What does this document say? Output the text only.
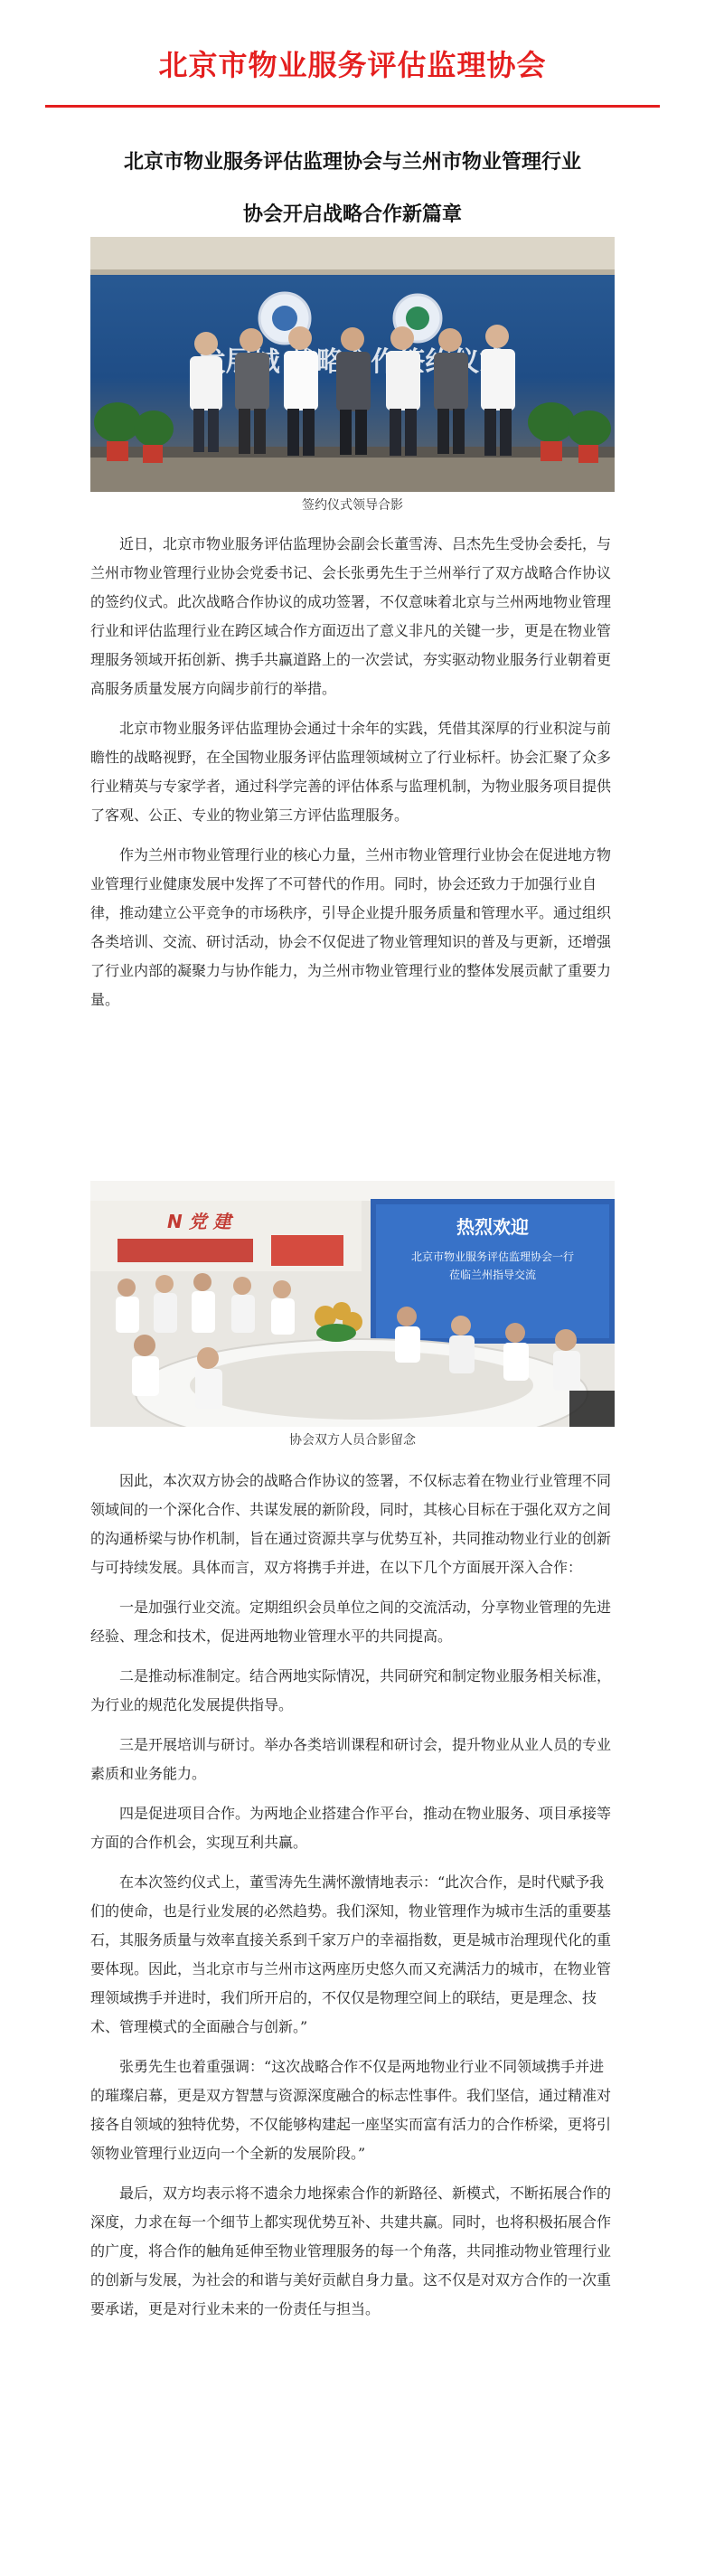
北京市物业服务评估监理协会
北京市物业服务评估监理协会与兰州市物业管理行业
协会开启战略合作新篇章
签约仪式领导合影

近日，北京市物业服务评估监理协会副会长董雪涛、吕杰先生受协会委托，与兰州市物业管理行业协会党委书记、会长张勇先生于兰州举行了双方战略合作协议的签约仪式。此次战略合作协议的成功签署，不仅意味着北京与兰州两地物业管理行业和评估监理行业在跨区域合作方面迈出了意义非凡的关键一步，更是在物业管理服务领域开拓创新、携手共赢道路上的一次尝试，夯实驱动物业服务行业朝着更高服务质量发展方向阔步前行的举措。

北京市物业服务评估监理协会通过十余年的实践，凭借其深厚的行业积淀与前瞻性的战略视野，在全国物业服务评估监理领域树立了行业标杆。协会汇聚了众多行业精英与专家学者，通过科学完善的评估体系与监理机制，为物业服务项目提供了客观、公正、专业的物业第三方评估监理服务。

作为兰州市物业管理行业的核心力量，兰州市物业管理行业协会在促进地方物业管理行业健康发展中发挥了不可替代的作用。同时，协会还致力于加强行业自律，推动建立公平竞争的市场秩序，引导企业提升服务质量和管理水平。通过组织各类培训、交流、研讨活动，协会不仅促进了物业管理知识的普及与更新，还增强了行业内部的凝聚力与协作能力，为兰州市物业管理行业的整体发展贡献了重要力量。

N 党 建	热烈欢迎
北京市物业服务评估监理协会一行
莅临兰州指导交流
协会双方人员合影留念

因此，本次双方协会的战略合作协议的签署，不仅标志着在物业行业管理不同领域间的一个深化合作、共谋发展的新阶段，同时，其核心目标在于强化双方之间的沟通桥梁与协作机制，旨在通过资源共享与优势互补，共同推动物业行业的创新与可持续发展。具体而言，双方将携手并进，在以下几个方面展开深入合作：

一是加强行业交流。定期组织会员单位之间的交流活动，分享物业管理的先进经验、理念和技术，促进两地物业管理水平的共同提高。

二是推动标准制定。结合两地实际情况，共同研究和制定物业服务相关标准，为行业的规范化发展提供指导。

三是开展培训与研讨。举办各类培训课程和研讨会，提升物业从业人员的专业素质和业务能力。

四是促进项目合作。为两地企业搭建合作平台，推动在物业服务、项目承接等方面的合作机会，实现互利共赢。

在本次签约仪式上，董雪涛先生满怀激情地表示：“此次合作，是时代赋予我们的使命，也是行业发展的必然趋势。我们深知，物业管理作为城市生活的重要基石，其服务质量与效率直接关系到千家万户的幸福指数，更是城市治理现代化的重要体现。因此，当北京市与兰州市这两座历史悠久而又充满活力的城市，在物业管理领域携手并进时，我们所开启的，不仅仅是物理空间上的联结，更是理念、技术、管理模式的全面融合与创新。”

张勇先生也着重强调：“这次战略合作不仅是两地物业行业不同领域携手并进的璀璨启幕，更是双方智慧与资源深度融合的标志性事件。我们坚信，通过精准对接各自领域的独特优势，不仅能够构建起一座坚实而富有活力的合作桥梁，更将引领物业管理行业迈向一个全新的发展阶段。”

最后，双方均表示将不遗余力地探索合作的新路径、新模式，不断拓展合作的深度，力求在每一个细节上都实现优势互补、共建共赢。同时，也将积极拓展合作的广度，将合作的触角延伸至物业管理服务的每一个角落，共同推动物业管理行业的创新与发展，为社会的和谐与美好贡献自身力量。这不仅是对双方合作的一次重要承诺，更是对行业未来的一份责任与担当。
